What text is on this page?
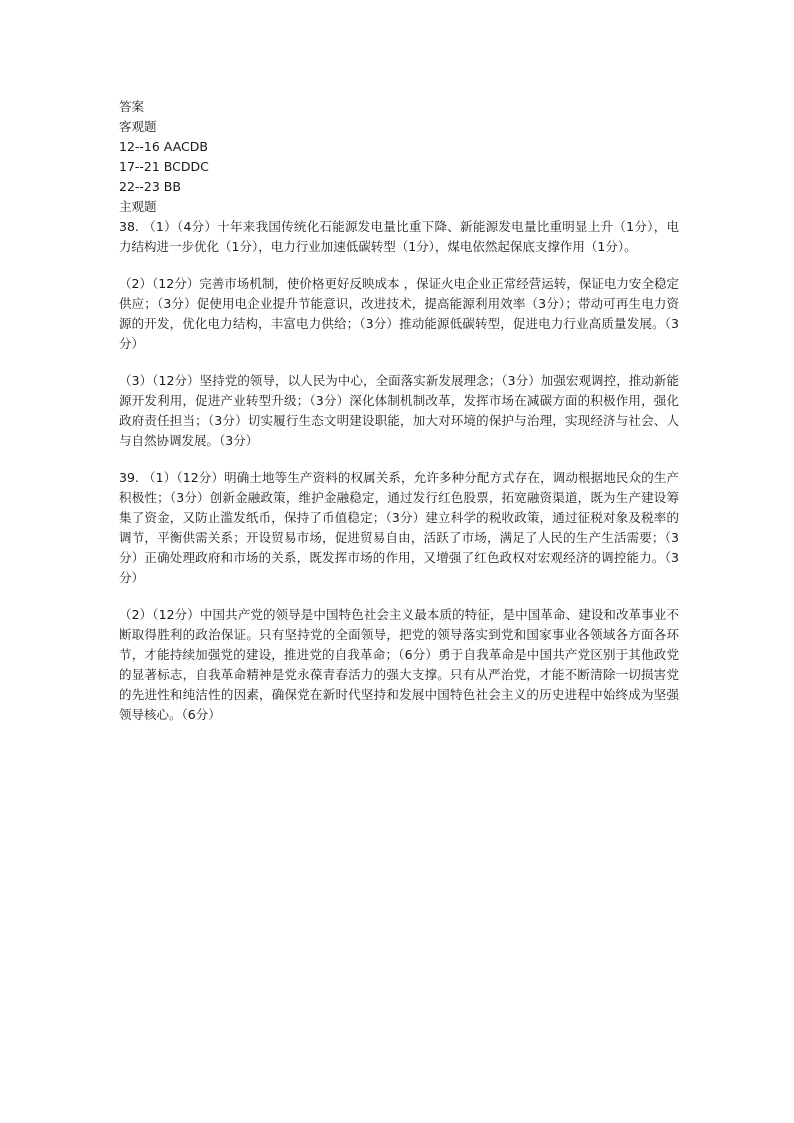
答案
客观题
12--16 AACDB
17--21 BCDDC
22--23 BB
主观题

38. （1）（4分）十年来我国传统化石能源发电量比重下降、新能源发电量比重明显上升（1分），电力结构进一步优化（1分），电力行业加速低碳转型（1分），煤电依然起保底支撑作用（1分）。

（2）（12分）完善市场机制，使价格更好反映成本 ，保证火电企业正常经营运转，保证电力安全稳定供应；（3分）促使用电企业提升节能意识，改进技术，提高能源利用效率（3分）；带动可再生电力资源的开发，优化电力结构，丰富电力供给；（3分）推动能源低碳转型，促进电力行业高质量发展。（3分）

（3）（12分）坚持党的领导，以人民为中心，全面落实新发展理念；（3分）加强宏观调控，推动新能源开发利用，促进产业转型升级；（3分）深化体制机制改革，发挥市场在减碳方面的积极作用，强化政府责任担当；（3分）切实履行生态文明建设职能，加大对环境的保护与治理，实现经济与社会、人与自然协调发展。（3分）

39. （1）（12分）明确土地等生产资料的权属关系，允许多种分配方式存在，调动根据地民众的生产积极性；（3分）创新金融政策，维护金融稳定，通过发行红色股票，拓宽融资渠道，既为生产建设筹集了资金，又防止滥发纸币，保持了币值稳定；（3分）建立科学的税收政策，通过征税对象及税率的调节，平衡供需关系；开设贸易市场，促进贸易自由，活跃了市场，满足了人民的生产生活需要；（3分）正确处理政府和市场的关系，既发挥市场的作用，又增强了红色政权对宏观经济的调控能力。（3分）

（2）（12分）中国共产党的领导是中国特色社会主义最本质的特征，是中国革命、建设和改革事业不断取得胜利的政治保证。只有坚持党的全面领导，把党的领导落实到党和国家事业各领域各方面各环节，才能持续加强党的建设，推进党的自我革命；（6分）勇于自我革命是中国共产党区别于其他政党的显著标志，自我革命精神是党永葆青春活力的强大支撑。只有从严治党，才能不断清除一切损害党的先进性和纯洁性的因素，确保党在新时代坚持和发展中国特色社会主义的历史进程中始终成为坚强领导核心。（6分）
